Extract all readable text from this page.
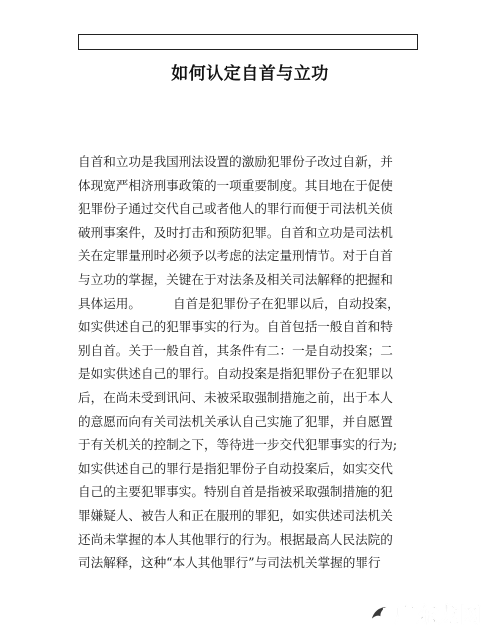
如何认定自首与立功
自首和立功是我国刑法设置的激励犯罪份子改过自新，并
体现宽严相济刑事政策的一项重要制度。其目地在于促使
犯罪份子通过交代自己或者他人的罪行而便于司法机关侦
破刑事案件，及时打击和预防犯罪。自首和立功是司法机
关在定罪量刑时必须予以考虑的法定量刑情节。对于自首
与立功的掌握，关键在于对法条及相关司法解释的把握和
具体运用。        自首是犯罪份子在犯罪以后，自动投案，
如实供述自己的犯罪事实的行为。自首包括一般自首和特
别自首。关于一般自首，其条件有二：一是自动投案；二
是如实供述自己的罪行。自动投案是指犯罪份子在犯罪以
后，在尚未受到讯问、未被采取强制措施之前，出于本人
的意愿而向有关司法机关承认自己实施了犯罪，并自愿置
于有关机关的控制之下，等待进一步交代犯罪事实的行为;
如实供述自己的罪行是指犯罪份子自动投案后，如实交代
自己的主要犯罪事实。特别自首是指被采取强制措施的犯
罪嫌疑人、被告人和正在服刑的罪犯，如实供述司法机关
还尚未掌握的本人其他罪行的行为。根据最高人民法院的
司法解释，这种“本人其他罪行”与司法机关掌握的罪行
广东龙网
